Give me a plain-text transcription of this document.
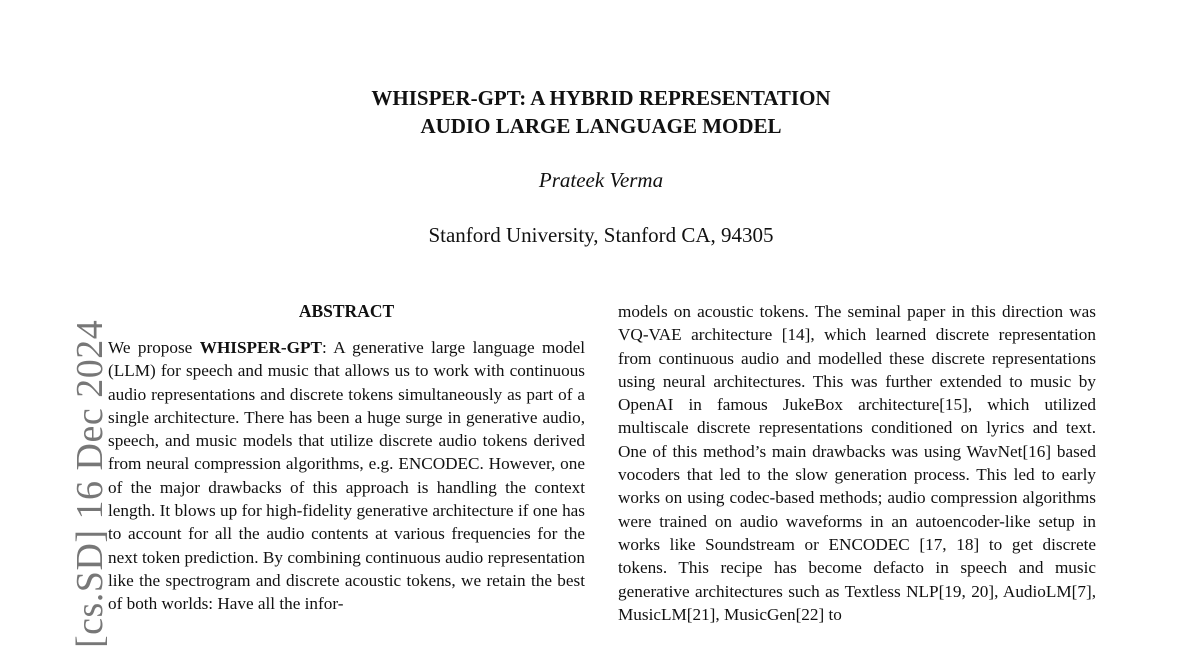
[cs.SD] 16 Dec 2024
WHISPER-GPT: A HYBRID REPRESENTATION
AUDIO LARGE LANGUAGE MODEL
Prateek Verma
Stanford University, Stanford CA, 94305
ABSTRACT

We propose WHISPER-GPT: A generative large language model (LLM) for speech and music that allows us to work with continuous audio representations and discrete tokens simultaneously as part of a single architecture. There has been a huge surge in generative audio, speech, and music models that utilize discrete audio tokens derived from neural compression algorithms, e.g. ENCODEC. However, one of the major drawbacks of this approach is handling the context length. It blows up for high-fidelity generative architecture if one has to account for all the audio contents at various frequencies for the next token prediction. By combining continuous audio representation like the spectrogram and discrete acoustic tokens, we retain the best of both worlds: Have all the infor-

models on acoustic tokens. The seminal paper in this direction was VQ-VAE architecture [14], which learned discrete representation from continuous audio and modelled these discrete representations using neural architectures. This was further extended to music by OpenAI in famous JukeBox architecture[15], which utilized multiscale discrete representations conditioned on lyrics and text. One of this method’s main drawbacks was using WavNet[16] based vocoders that led to the slow generation process. This led to early works on using codec-based methods; audio compression algorithms were trained on audio waveforms in an autoencoder-like setup in works like Soundstream or ENCODEC [17, 18] to get discrete tokens. This recipe has become defacto in speech and music generative architectures such as Textless NLP[19, 20], AudioLM[7], MusicLM[21], MusicGen[22] to
